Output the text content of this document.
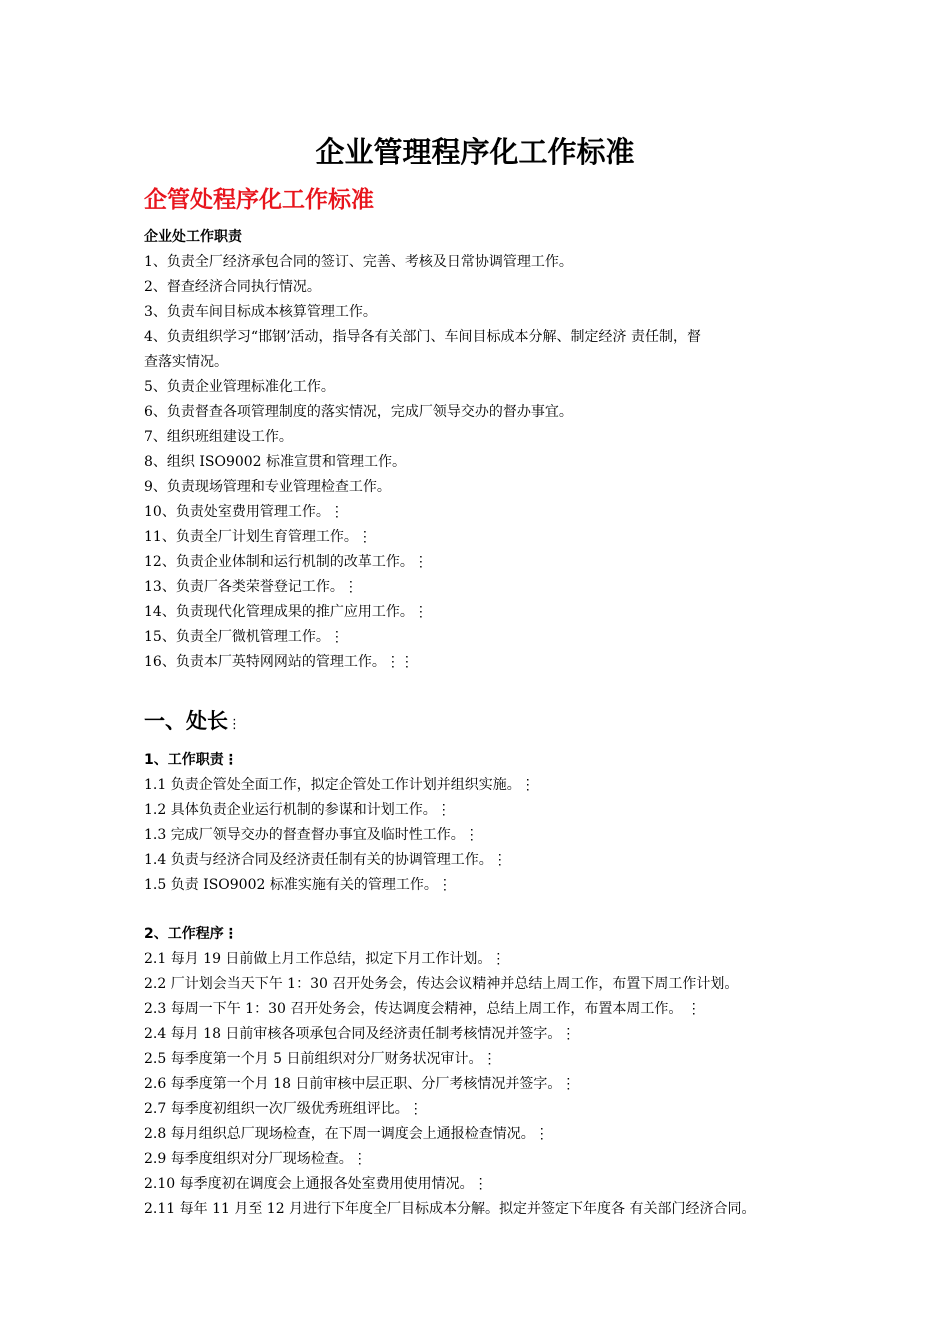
企业管理程序化工作标准
企管处程序化工作标准
企业处工作职责
1、负责全厂经济承包合同的签订、完善、考核及日常协调管理工作。
2、督查经济合同执行情况。
3、负责车间目标成本核算管理工作。
4、负责组织学习“邯钢’活动，指导各有关部门、车间目标成本分解、制定经济 责任制，督
查落实情况。
5、负责企业管理标准化工作。
6、负责督查各项管理制度的落实情况，完成厂领导交办的督办事宜。
7、组织班组建设工作。
8、组织 ISO9002 标准宣贯和管理工作。
9、负责现场管理和专业管理检查工作。
10、负责处室费用管理工作。⋮
11、负责全厂计划生育管理工作。⋮
12、负责企业体制和运行机制的改革工作。⋮
13、负责厂各类荣誉登记工作。⋮
14、负责现代化管理成果的推广应用工作。⋮
15、负责全厂微机管理工作。⋮
16、负责本厂英特网网站的管理工作。⋮⋮
一、处长⋮
1、工作职责⋮
1.1 负责企管处全面工作，拟定企管处工作计划并组织实施。⋮
1.2 具体负责企业运行机制的参谋和计划工作。⋮
1.3 完成厂领导交办的督查督办事宜及临时性工作。⋮
1.4 负责与经济合同及经济责任制有关的协调管理工作。⋮
1.5 负责 ISO9002 标准实施有关的管理工作。⋮
2、工作程序⋮
2.1 每月 19 日前做上月工作总结，拟定下月工作计划。⋮
2.2 厂计划会当天下午 1：30 召开处务会，传达会议精神并总结上周工作，布置下周工作计划。
2.3 每周一下午 1：30 召开处务会，传达调度会精神，总结上周工作，布置本周工作。 ⋮
2.4 每月 18 日前审核各项承包合同及经济责任制考核情况并签字。⋮
2.5 每季度第一个月 5 日前组织对分厂财务状况审计。⋮
2.6 每季度第一个月 18 日前审核中层正职、分厂考核情况并签字。⋮
2.7 每季度初组织一次厂级优秀班组评比。⋮
2.8 每月组织总厂现场检查，在下周一调度会上通报检查情况。⋮
2.9 每季度组织对分厂现场检查。⋮
2.10 每季度初在调度会上通报各处室费用使用情况。⋮
2.11 每年 11 月至 12 月进行下年度全厂目标成本分解。拟定并签定下年度各 有关部门经济合同。
